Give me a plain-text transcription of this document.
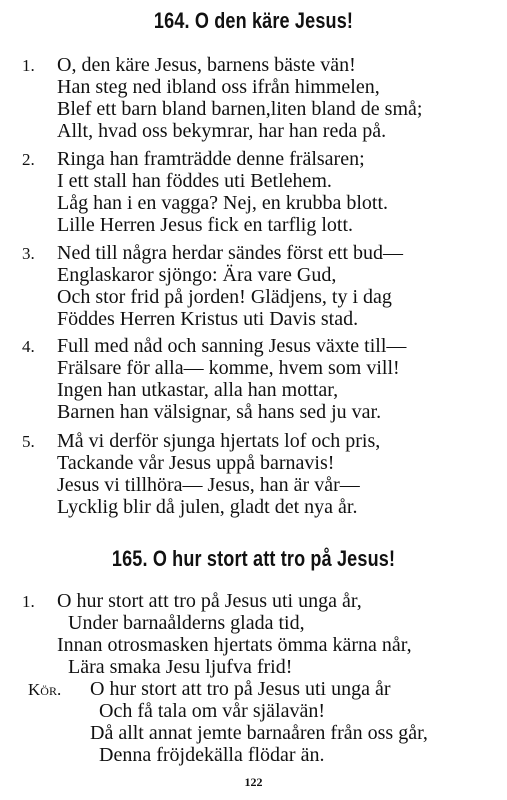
164. O den käre Jesus!
1. O, den käre Jesus, barnens bäste vän!
Han steg ned ibland oss ifrån himmelen,
Blef ett barn bland barnen,liten bland de små;
Allt, hvad oss bekymrar, har han reda på.
2. Ringa han framträdde denne frälsaren;
I ett stall han föddes uti Betlehem.
Låg han i en vagga? Nej, en krubba blott.
Lille Herren Jesus fick en tarflig lott.
3. Ned till några herdar sändes först ett bud—
Englaskaror sjöngo: Ära vare Gud,
Och stor frid på jorden! Glädjens, ty i dag
Föddes Herren Kristus uti Davis stad.
4. Full med nåd och sanning Jesus växte till—
Frälsare för alla— komme, hvem som vill!
Ingen han utkastar, alla han mottar,
Barnen han välsignar, så hans sed ju var.
5. Må vi derför sjunga hjertats lof och pris,
Tackande vår Jesus uppå barnavis!
Jesus vi tillhöra— Jesus, han är vår—
Lycklig blir då julen, gladt det nya år.
165. O hur stort att tro på Jesus!
1. O hur stort att tro på Jesus uti unga år,
Under barnaålderns glada tid,
Innan otrosmasken hjertats ömma kärna når,
Lära smaka Jesu ljufva frid!
Kör. O hur stort att tro på Jesus uti unga år
Och få tala om vår själavän!
Då allt annat jemte barnaåren från oss går,
Denna fröjdekälla flödar än.
122
